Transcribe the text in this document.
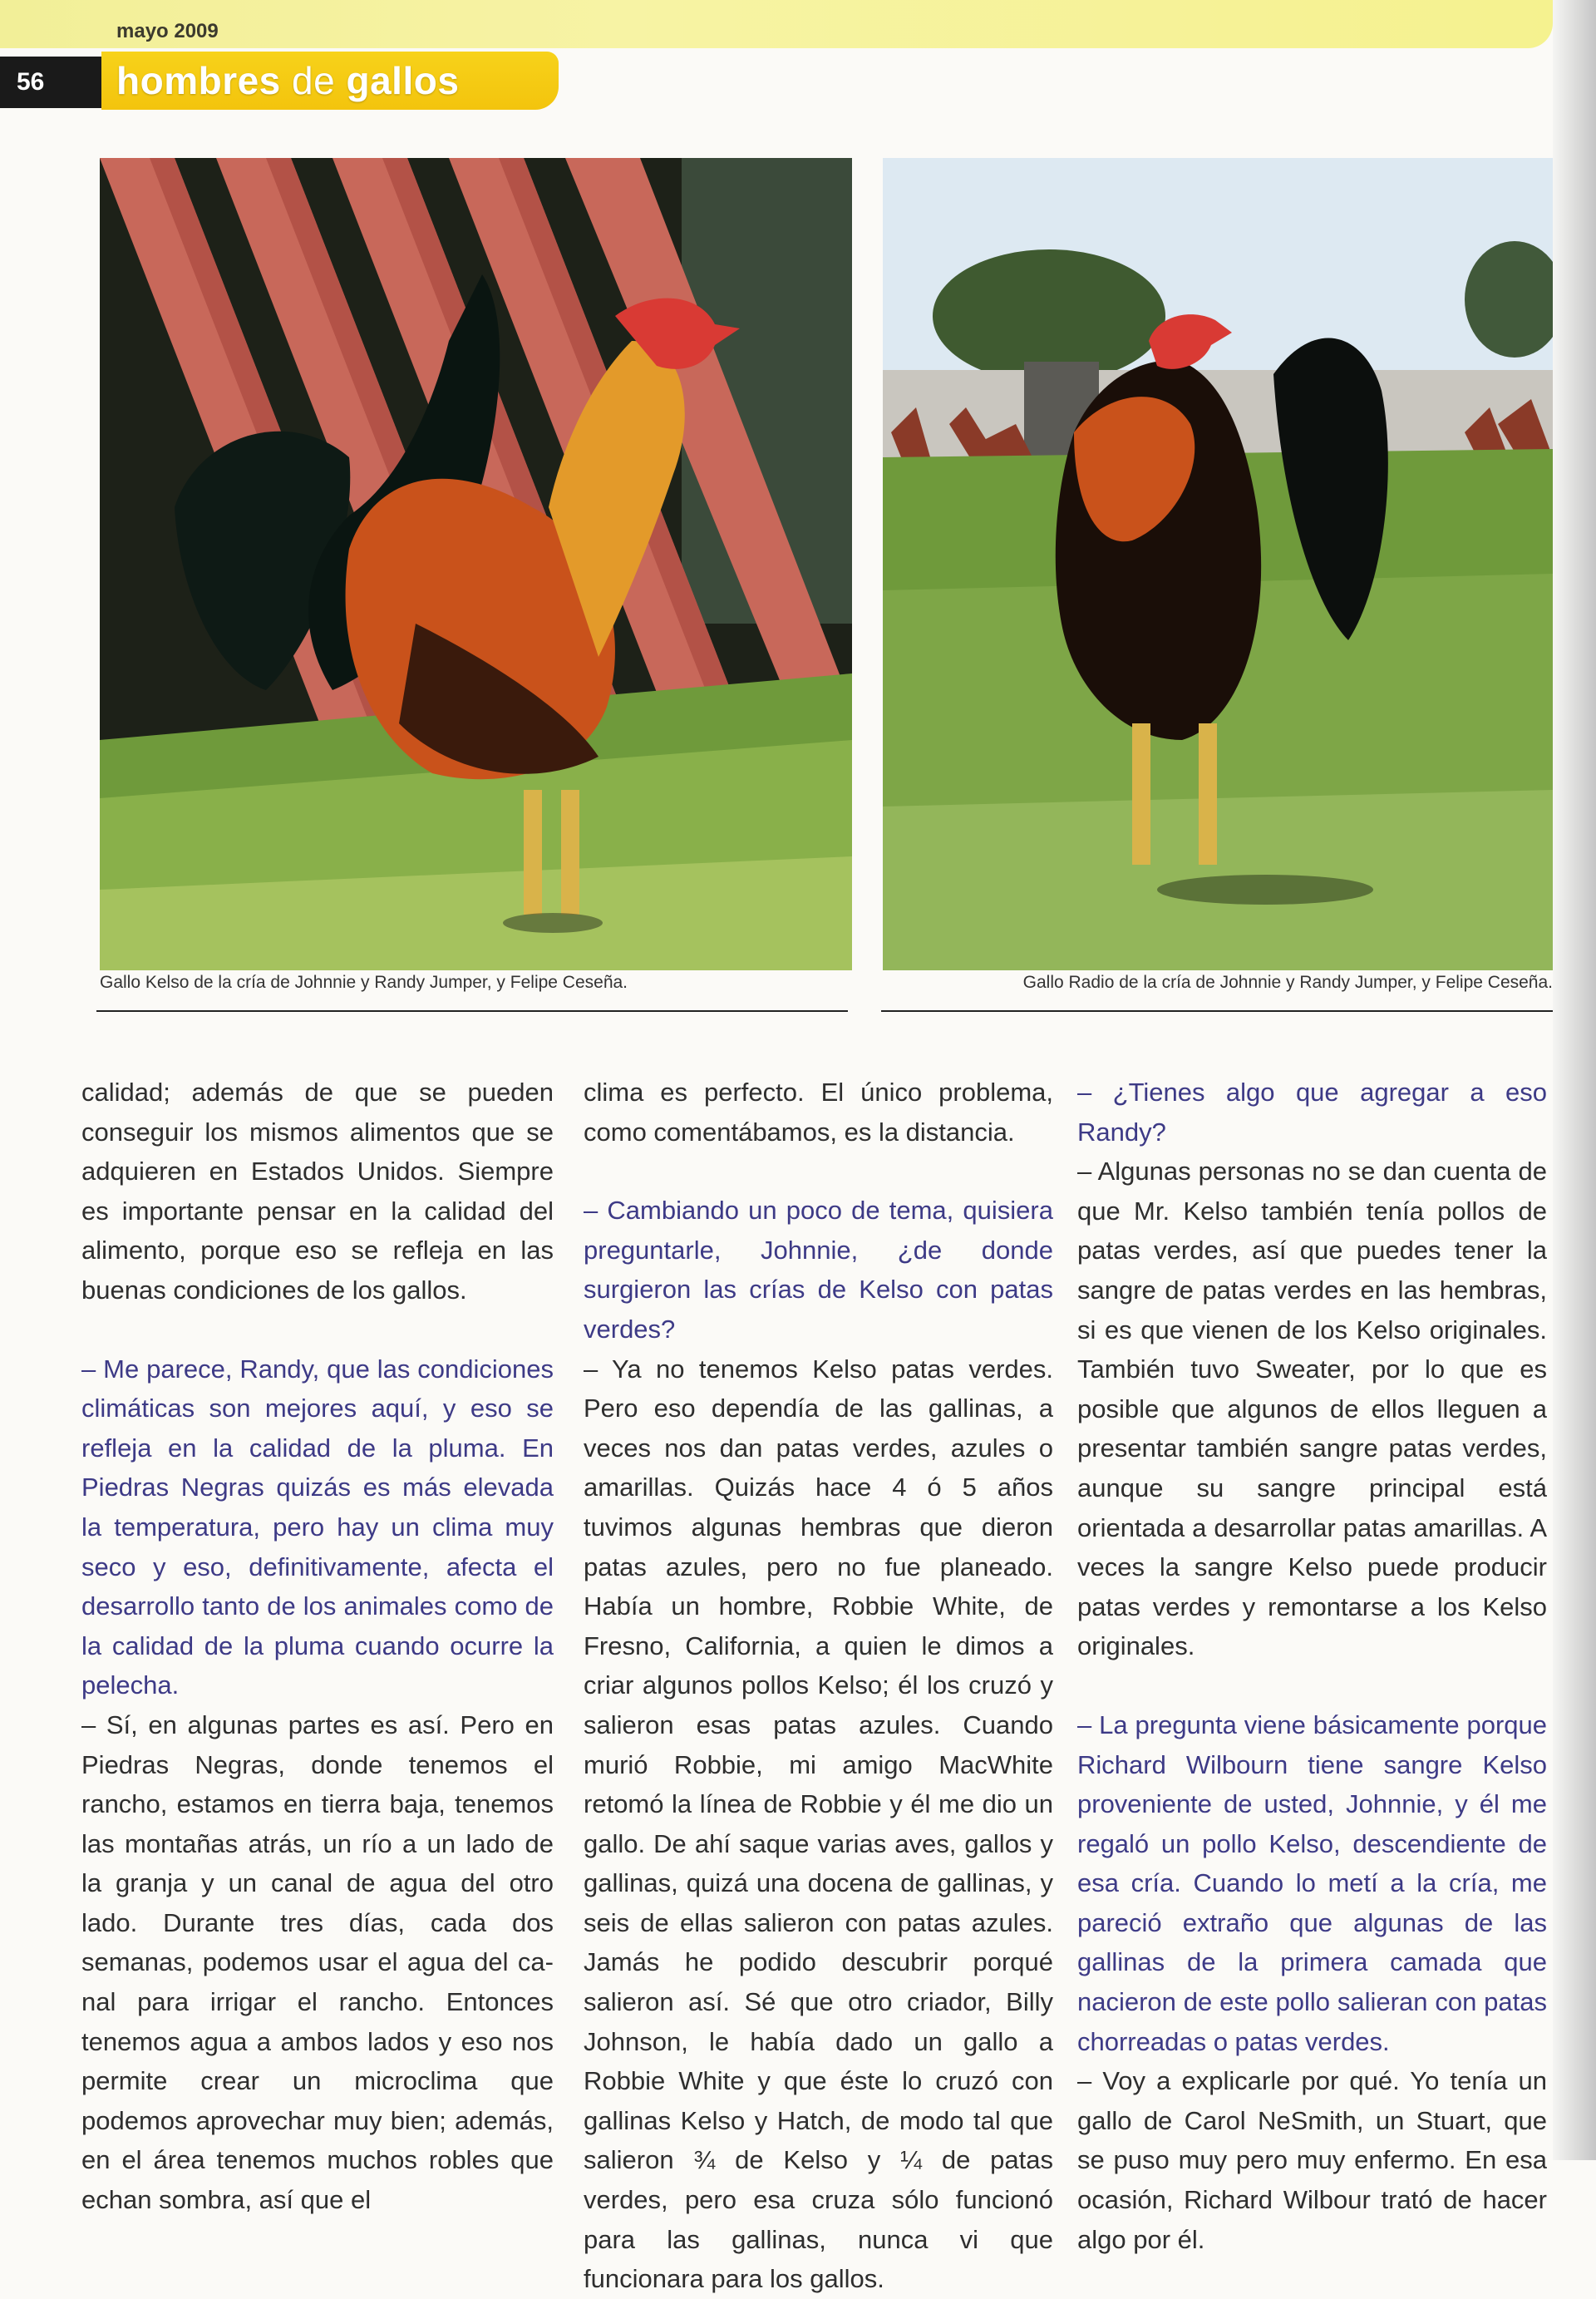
mayo 2009
56	hombres de gallos
Gallo Kelso de la cría de Johnnie y Randy Jumper, y Felipe Ceseña.	Gallo Radio de la cría de Johnnie y Randy Jumper, y Felipe Ceseña.

calidad; además de que se pueden conseguir los mismos alimentos que se adquieren en Estados Unidos. Siempre es importante pensar en la calidad del alimento, porque eso se refleja en las buenas condiciones de los gallos.

– Me parece, Randy, que las condiciones climáticas son mejores aquí, y eso se refleja en la calidad de la pluma. En Piedras Negras quizás es más elevada la temperatura, pero hay un clima muy seco y eso, definitivamente, afecta el desarrollo tanto de los animales como de la calidad de la pluma cuando ocurre la pelecha.

– Sí, en algunas partes es así. Pero en Piedras Negras, donde tenemos el rancho, estamos en tierra baja, tenemos las montañas atrás, un río a un lado de la granja y un canal de agua del otro lado. Durante tres días, cada dos semanas, podemos usar el agua del canal para irrigar el rancho. Entonces tenemos agua a ambos lados y eso nos permite crear un microclima que podemos aprovechar muy bien; además, en el área tenemos muchos robles que echan sombra, así que el

clima es perfecto. El único problema, como comentábamos, es la distancia.

– Cambiando un poco de tema, quisiera preguntarle, Johnnie, ¿de donde surgieron las crías de Kelso con patas verdes?

– Ya no tenemos Kelso patas verdes. Pero eso dependía de las gallinas, a veces nos dan patas verdes, azules o amarillas. Quizás hace 4 ó 5 años tuvimos algunas hembras que dieron patas azules, pero no fue planeado. Había un hombre, Robbie White, de Fresno, California, a quien le dimos a criar algunos pollos Kelso; él los cruzó y salieron esas patas azules. Cuando murió Robbie, mi amigo MacWhite retomó la línea de Robbie y él me dio un gallo. De ahí saque varias aves, gallos y gallinas, quizá una docena de gallinas, y seis de ellas salieron con patas azules. Jamás he podido descubrir porqué salieron así. Sé que otro criador, Billy Johnson, le había dado un gallo a Robbie White y que éste lo cruzó con gallinas Kelso y Hatch, de modo tal que salieron ¾ de Kelso y ¼ de patas verdes, pero esa cruza sólo funcionó para las gallinas, nunca vi que funcionara para los gallos.

– ¿Tienes algo que agregar a eso Randy?

– Algunas personas no se dan cuenta de que Mr. Kelso también tenía pollos de patas verdes, así que puedes tener la sangre de patas verdes en las hembras, si es que vienen de los Kelso originales. También tuvo Sweater, por lo que es posible que algunos de ellos lleguen a presentar también sangre patas verdes, aunque su sangre principal está orientada a desarrollar patas amarillas. A veces la sangre Kelso puede producir patas verdes y remontarse a los Kelso originales.

– La pregunta viene básicamente porque Richard Wilbourn tiene sangre Kelso proveniente de usted, Johnnie, y él me regaló un pollo Kelso, descendiente de esa cría. Cuando lo metí a la cría, me pareció extraño que algunas de las gallinas de la primera camada que nacieron de este pollo salieran con patas chorreadas o patas verdes.

– Voy a explicarle por qué. Yo tenía un gallo de Carol NeSmith, un Stuart, que se puso muy pero muy enfermo. En esa ocasión, Richard Wilbour trató de hacer algo por él.
